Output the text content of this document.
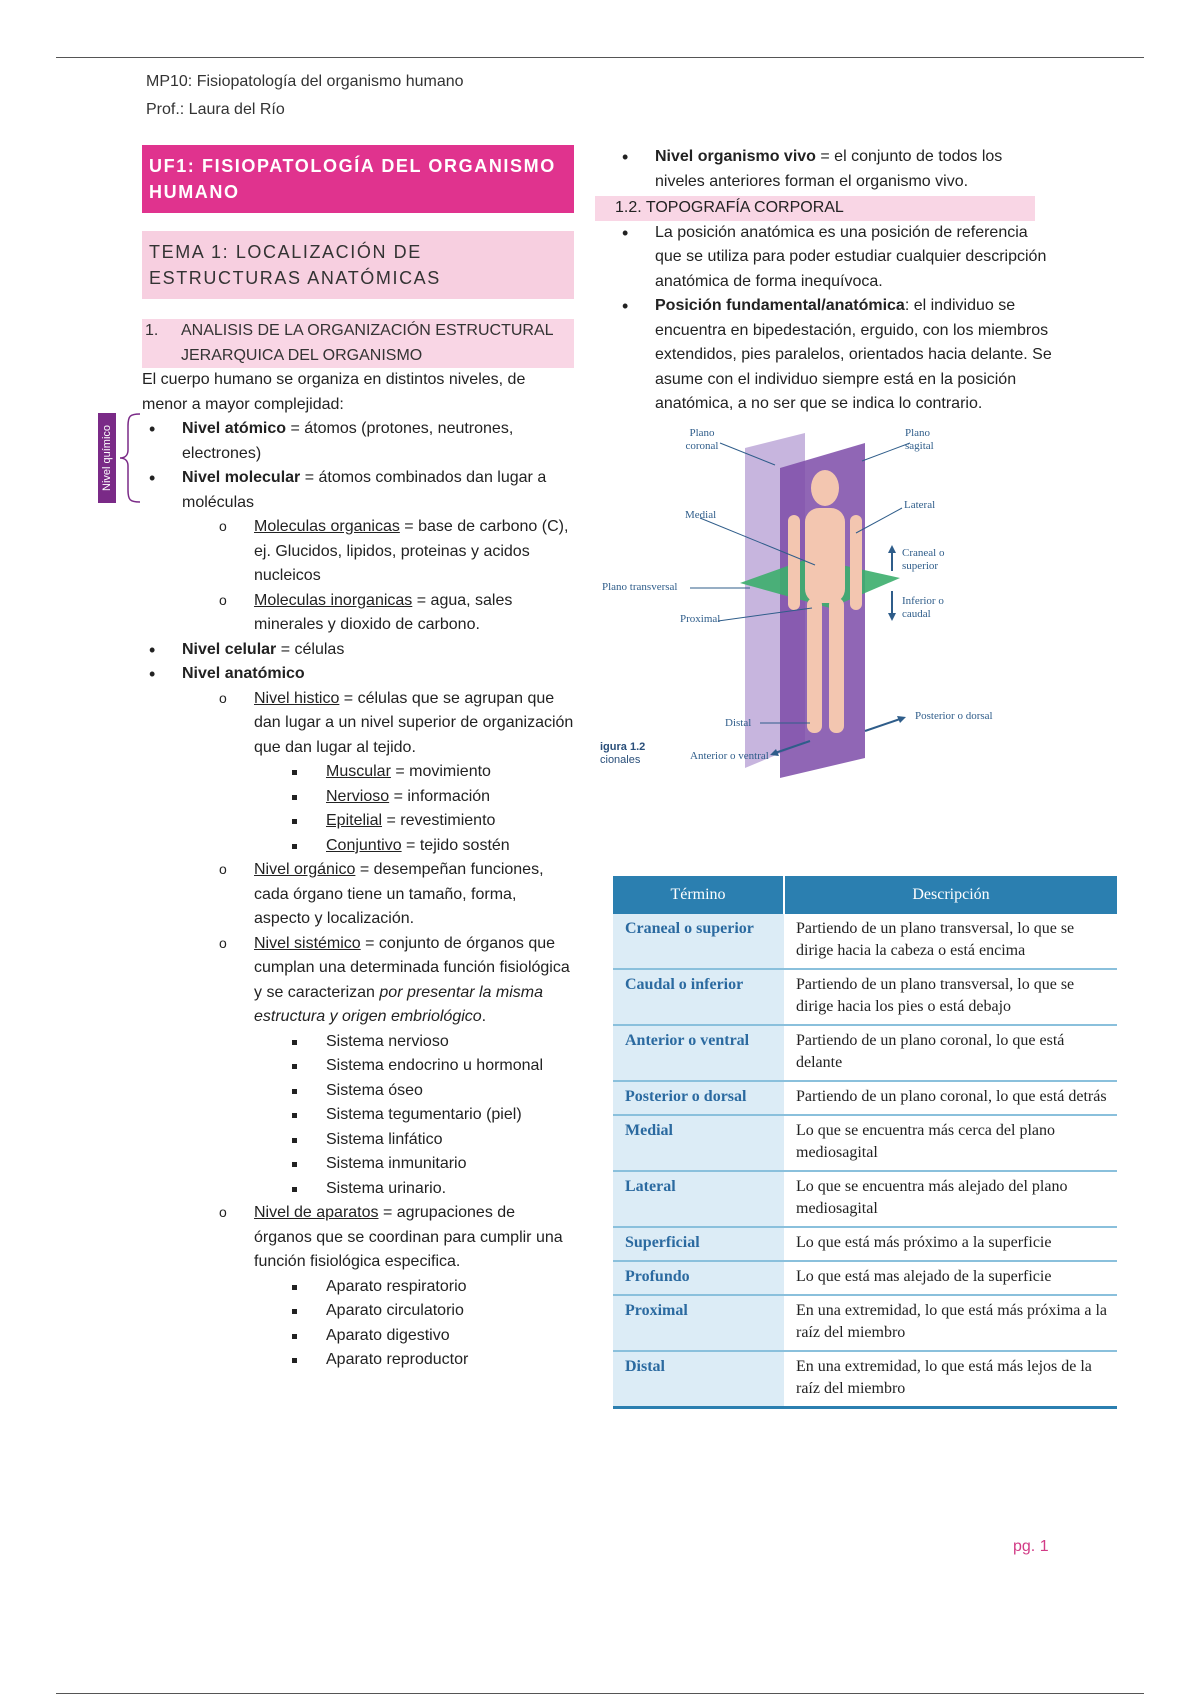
MP10: Fisiopatología del organismo humano
Prof.: Laura del Río
Nivel químico
UF1: FISIOPATOLOGÍA DEL ORGANISMO HUMANO
TEMA 1: LOCALIZACIÓN DE ESTRUCTURAS ANATÓMICAS
1. ANALISIS DE LA ORGANIZACIÓN ESTRUCTURAL JERARQUICA DEL ORGANISMO
El cuerpo humano se organiza en distintos niveles, de menor a mayor complejidad:
• Nivel atómico = átomos (protones, neutrones, electrones)
• Nivel molecular = átomos combinados dan lugar a moléculas
o Moleculas organicas = base de carbono (C), ej. Glucidos, lipidos, proteinas y acidos nucleicos
o Moleculas inorganicas = agua, sales minerales y dioxido de carbono.
• Nivel celular = células
• Nivel anatómico
o Nivel histico = células que se agrupan que dan lugar a un nivel superior de organización que dan lugar al tejido.
Muscular = movimiento
Nervioso = información
Epitelial = revestimiento
Conjuntivo = tejido sostén
o Nivel orgánico = desempeñan funciones, cada órgano tiene un tamaño, forma, aspecto y localización.
o Nivel sistémico = conjunto de órganos que cumplan una determinada función fisiológica y se caracterizan por presentar la misma estructura y origen embriológico.
Sistema nervioso
Sistema endocrino u hormonal
Sistema óseo
Sistema tegumentario (piel)
Sistema linfático
Sistema inmunitario
Sistema urinario.
o Nivel de aparatos = agrupaciones de órganos que se coordinan para cumplir una función fisiológica especifica.
Aparato respiratorio
Aparato circulatorio
Aparato digestivo
Aparato reproductor
• Nivel organismo vivo = el conjunto de todos los niveles anteriores forman el organismo vivo.
1.2. TOPOGRAFÍA CORPORAL
• La posición anatómica es una posición de referencia que se utiliza para poder estudiar cualquier descripción anatómica de forma inequívoca.
• Posición fundamental/anatómica: el individuo se encuentra en bipedestación, erguido, con los miembros extendidos, pies paralelos, orientados hacia delante. Se asume con el individuo siempre está en la posición anatómica, a no ser que se indica lo contrario.
Plano coronal
Plano sagital
Medial
Lateral
Craneal o superior
Inferior o caudal
Plano transversal
Proximal
Distal
Posterior o dorsal
Anterior o ventral
igura 1.2
cionales
Término	Descripción
Craneal o superior	Partiendo de un plano transversal, lo que se dirige hacia la cabeza o está encima
Caudal o inferior	Partiendo de un plano transversal, lo que se dirige hacia los pies o está debajo
Anterior o ventral	Partiendo de un plano coronal, lo que está delante
Posterior o dorsal	Partiendo de un plano coronal, lo que está detrás
Medial	Lo que se encuentra más cerca del plano mediosagital
Lateral	Lo que se encuentra más alejado del plano mediosagital
Superficial	Lo que está más próximo a la superficie
Profundo	Lo que está mas alejado de la superficie
Proximal	En una extremidad, lo que está más próxima a la raíz del miembro
Distal	En una extremidad, lo que está más lejos de la raíz del miembro
pg. 1
